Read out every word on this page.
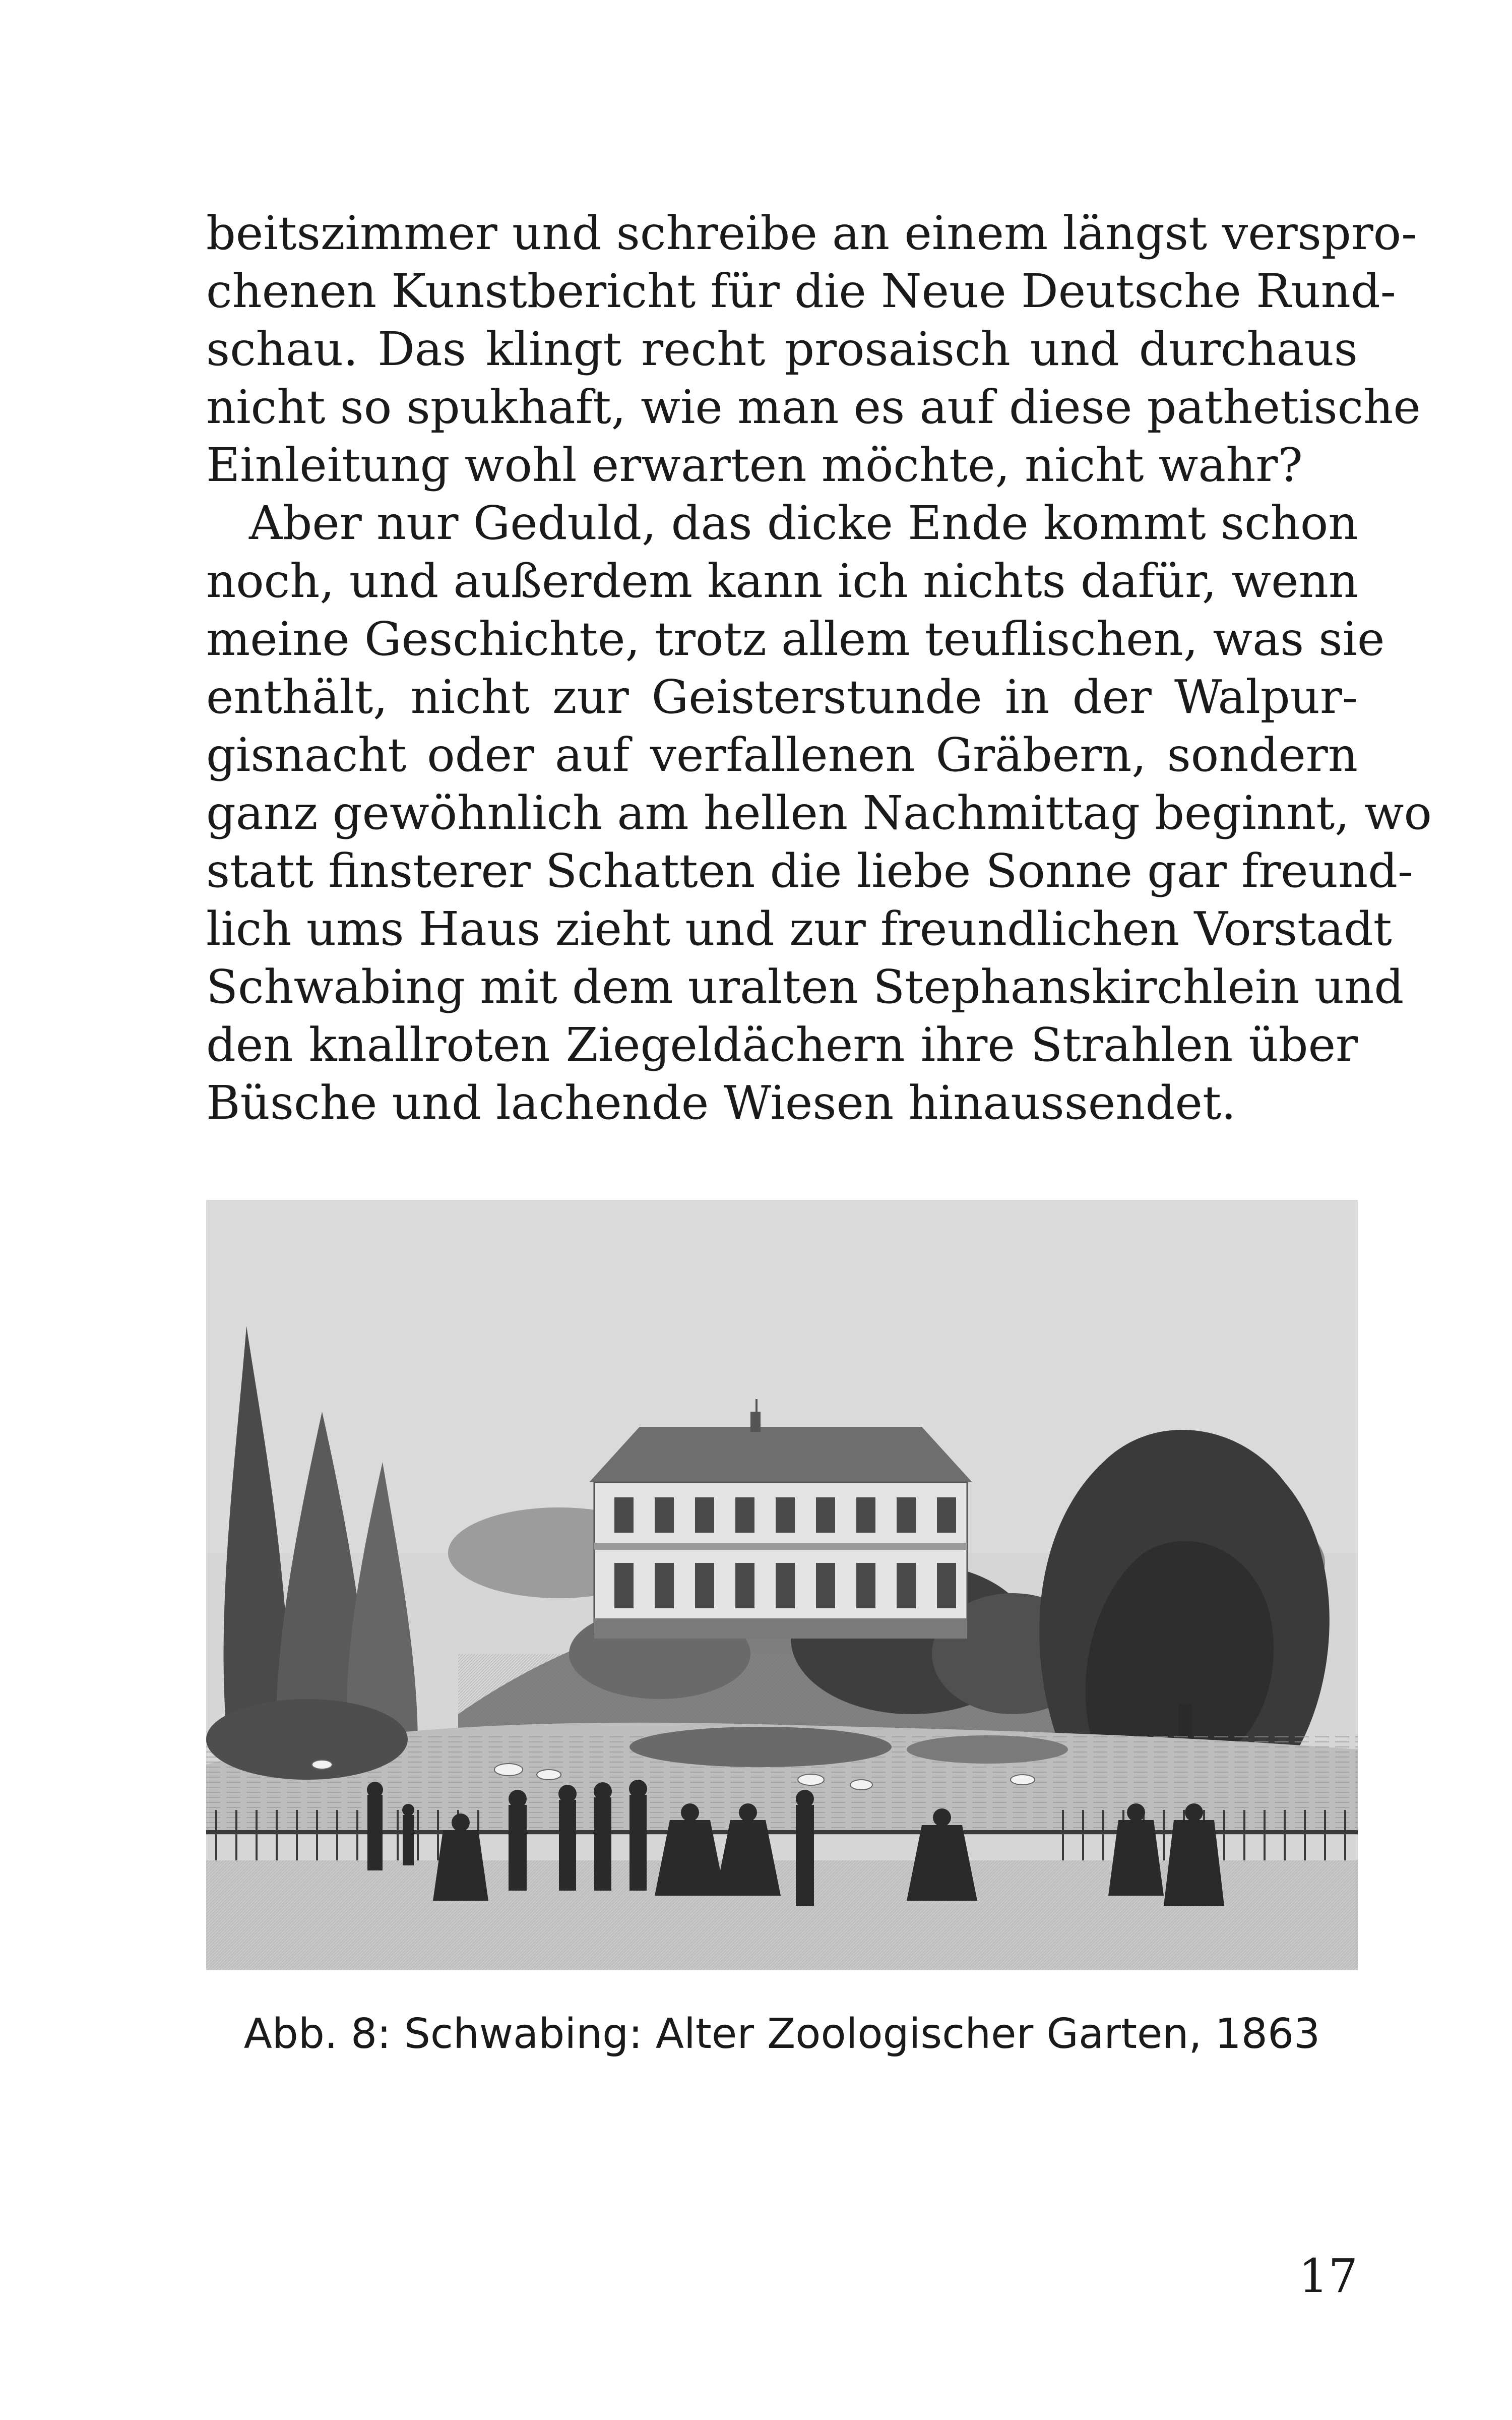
beitszimmer und schreibe an einem längst verspro-
chenen Kunstbericht für die Neue Deutsche Rund-
schau. Das klingt recht prosaisch und durchaus
nicht so spukhaft, wie man es auf diese pathetische
Einleitung wohl erwarten möchte, nicht wahr?
Aber nur Geduld, das dicke Ende kommt schon
noch, und außerdem kann ich nichts dafür, wenn
meine Geschichte, trotz allem teuflischen, was sie
enthält, nicht zur Geisterstunde in der Walpur-
gisnacht oder auf verfallenen Gräbern, sondern
ganz gewöhnlich am hellen Nachmittag beginnt, wo
statt finsterer Schatten die liebe Sonne gar freund-
lich ums Haus zieht und zur freundlichen Vorstadt
Schwabing mit dem uralten Stephanskirchlein und
den knallroten Ziegeldächern ihre Strahlen über
Büsche und lachende Wiesen hinaussendet.
Abb. 8: Schwabing: Alter Zoologischer Garten, 1863
17
